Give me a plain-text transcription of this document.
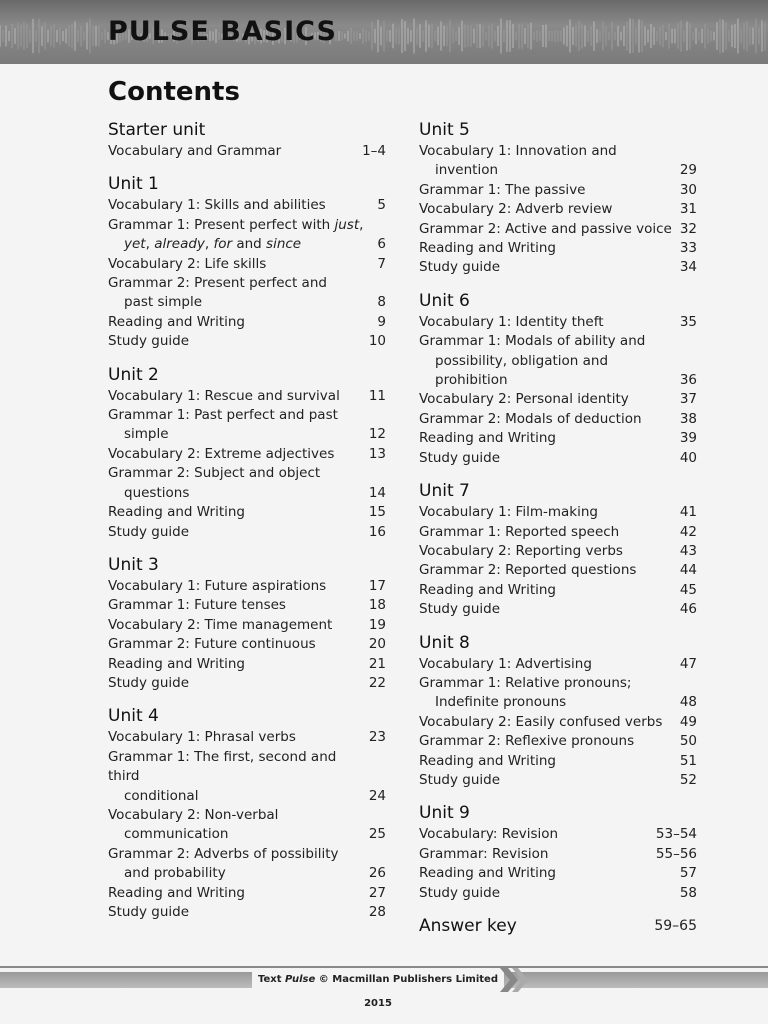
PULSE BASICS
Contents
Starter unit
Vocabulary and Grammar	1–4
Unit 1
Vocabulary 1: Skills and abilities	5
Grammar 1: Present perfect with just,
yet, already, for and since	6
Vocabulary 2: Life skills	7
Grammar 2: Present perfect and
past simple	8
Reading and Writing	9
Study guide	10
Unit 2
Vocabulary 1: Rescue and survival	11
Grammar 1: Past perfect and past
simple	12
Vocabulary 2: Extreme adjectives	13
Grammar 2: Subject and object
questions	14
Reading and Writing	15
Study guide	16
Unit 3
Vocabulary 1: Future aspirations	17
Grammar 1: Future tenses	18
Vocabulary 2: Time management	19
Grammar 2: Future continuous	20
Reading and Writing	21
Study guide	22
Unit 4
Vocabulary 1: Phrasal verbs	23
Grammar 1: The first, second and third
conditional	24
Vocabulary 2: Non-verbal
communication	25
Grammar 2: Adverbs of possibility
and probability	26
Reading and Writing	27
Study guide	28
Unit 5
Vocabulary 1: Innovation and
invention	29
Grammar 1: The passive	30
Vocabulary 2: Adverb review	31
Grammar 2: Active and passive voice 32
Reading and Writing	33
Study guide	34
Unit 6
Vocabulary 1: Identity theft	35
Grammar 1: Modals of ability and
possibility, obligation and
prohibition	36
Vocabulary 2: Personal identity	37
Grammar 2: Modals of deduction	38
Reading and Writing	39
Study guide	40
Unit 7
Vocabulary 1: Film-making	41
Grammar 1: Reported speech	42
Vocabulary 2: Reporting verbs	43
Grammar 2: Reported questions	44
Reading and Writing	45
Study guide	46
Unit 8
Vocabulary 1: Advertising	47
Grammar 1: Relative pronouns;
Indefinite pronouns	48
Vocabulary 2: Easily confused verbs	49
Grammar 2: Reflexive pronouns	50
Reading and Writing	51
Study guide	52
Unit 9
Vocabulary: Revision	53–54
Grammar: Revision	55–56
Reading and Writing	57
Study guide	58
Answer key	59–65
Text Pulse © Macmillan Publishers Limited 2015
